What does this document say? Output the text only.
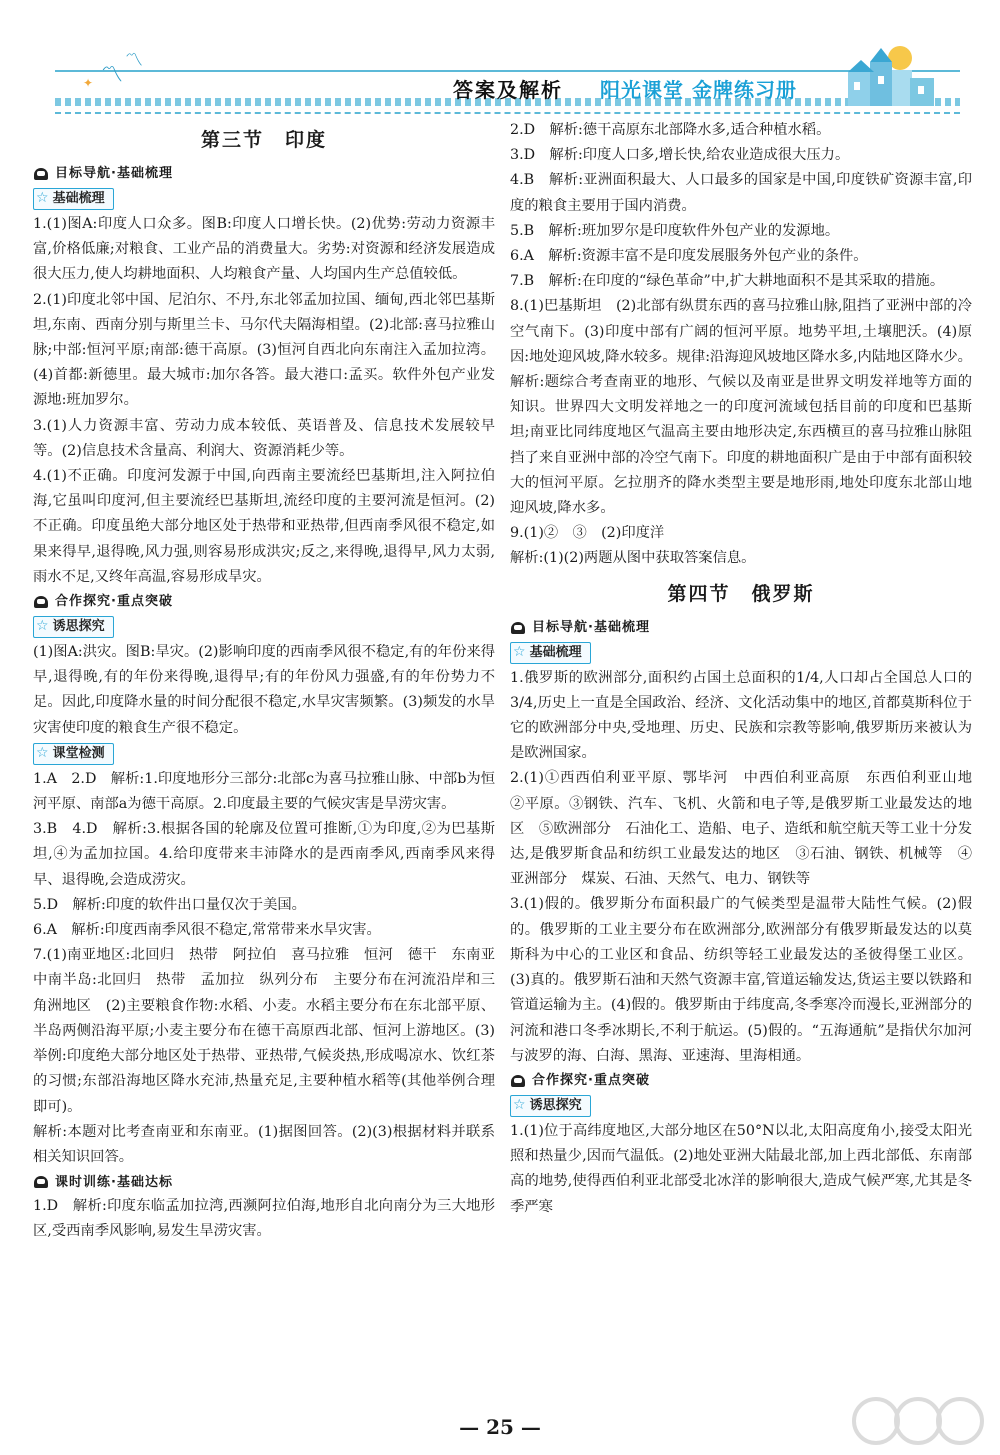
〽
〽
✦	答案及解析 阳光课堂 金牌练习册
第三节　印度
目标导航·基础梳理
☆ 基础梳理

1.(1)图A:印度人口众多。图B:印度人口增长快。(2)优势:劳动力资源丰富,价格低廉;对粮食、工业产品的消费量大。劣势:对资源和经济发展造成很大压力,使人均耕地面积、人均粮食产量、人均国内生产总值较低。

2.(1)印度北邻中国、尼泊尔、不丹,东北邻孟加拉国、缅甸,西北邻巴基斯坦,东南、西南分别与斯里兰卡、马尔代夫隔海相望。(2)北部:喜马拉雅山脉;中部:恒河平原;南部:德干高原。(3)恒河自西北向东南注入孟加拉湾。(4)首都:新德里。最大城市:加尔各答。最大港口:孟买。软件外包产业发源地:班加罗尔。

3.(1)人力资源丰富、劳动力成本较低、英语普及、信息技术发展较早等。(2)信息技术含量高、利润大、资源消耗少等。

4.(1)不正确。印度河发源于中国,向西南主要流经巴基斯坦,注入阿拉伯海,它虽叫印度河,但主要流经巴基斯坦,流经印度的主要河流是恒河。(2)不正确。印度虽绝大部分地区处于热带和亚热带,但西南季风很不稳定,如果来得早,退得晚,风力强,则容易形成洪灾;反之,来得晚,退得早,风力太弱,雨水不足,又终年高温,容易形成旱灾。

合作探究·重点突破
☆ 诱思探究

(1)图A:洪灾。图B:旱灾。(2)影响印度的西南季风很不稳定,有的年份来得早,退得晚,有的年份来得晚,退得早;有的年份风力强盛,有的年份势力不足。因此,印度降水量的时间分配很不稳定,水旱灾害频繁。(3)频发的水旱灾害使印度的粮食生产很不稳定。

☆ 课堂检测

1.A　2.D　解析:1.印度地形分三部分:北部c为喜马拉雅山脉、中部b为恒河平原、南部a为德干高原。2.印度最主要的气候灾害是旱涝灾害。

3.B　4.D　解析:3.根据各国的轮廓及位置可推断,①为印度,②为巴基斯坦,④为孟加拉国。4.给印度带来丰沛降水的是西南季风,西南季风来得早、退得晚,会造成涝灾。

5.D　解析:印度的软件出口量仅次于美国。

6.A　解析:印度西南季风很不稳定,常常带来水旱灾害。

7.(1)南亚地区:北回归　热带　阿拉伯　喜马拉雅　恒河　德干　东南亚中南半岛:北回归　热带　孟加拉　纵列分布　主要分布在河流沿岸和三角洲地区　(2)主要粮食作物:水稻、小麦。水稻主要分布在东北部平原、半岛两侧沿海平原;小麦主要分布在德干高原西北部、恒河上游地区。(3)举例:印度绝大部分地区处于热带、亚热带,气候炎热,形成喝凉水、饮红茶的习惯;东部沿海地区降水充沛,热量充足,主要种植水稻等(其他举例合理即可)。

解析:本题对比考查南亚和东南亚。(1)据图回答。(2)(3)根据材料并联系相关知识回答。

课时训练·基础达标

1.D　解析:印度东临孟加拉湾,西濒阿拉伯海,地形自北向南分为三大地形区,受西南季风影响,易发生旱涝灾害。

2.D　解析:德干高原东北部降水多,适合种植水稻。

3.D　解析:印度人口多,增长快,给农业造成很大压力。

4.B　解析:亚洲面积最大、人口最多的国家是中国,印度铁矿资源丰富,印度的粮食主要用于国内消费。

5.B　解析:班加罗尔是印度软件外包产业的发源地。

6.A　解析:资源丰富不是印度发展服务外包产业的条件。

7.B　解析:在印度的“绿色革命”中,扩大耕地面积不是其采取的措施。

8.(1)巴基斯坦　(2)北部有纵贯东西的喜马拉雅山脉,阻挡了亚洲中部的冷空气南下。(3)印度中部有广阔的恒河平原。地势平坦,土壤肥沃。(4)原因:地处迎风坡,降水较多。规律:沿海迎风坡地区降水多,内陆地区降水少。

解析:题综合考查南亚的地形、气候以及南亚是世界文明发祥地等方面的知识。世界四大文明发祥地之一的印度河流域包括目前的印度和巴基斯坦;南亚比同纬度地区气温高主要由地形决定,东西横亘的喜马拉雅山脉阻挡了来自亚洲中部的冷空气南下。印度的耕地面积广是由于中部有面积较大的恒河平原。乞拉朋齐的降水类型主要是地形雨,地处印度东北部山地迎风坡,降水多。

9.(1)②　③　(2)印度洋

解析:(1)(2)两题从图中获取答案信息。

第四节　俄罗斯
目标导航·基础梳理
☆ 基础梳理

1.俄罗斯的欧洲部分,面积约占国土总面积的1/4,人口却占全国总人口的3/4,历史上一直是全国政治、经济、文化活动集中的地区,首都莫斯科位于它的欧洲部分中央,受地理、历史、民族和宗教等影响,俄罗斯历来被认为是欧洲国家。

2.(1)①西西伯利亚平原、鄂毕河　中西伯利亚高原　东西伯利亚山地　②平原。③钢铁、汽车、飞机、火箭和电子等,是俄罗斯工业最发达的地区　⑤欧洲部分　石油化工、造船、电子、造纸和航空航天等工业十分发达,是俄罗斯食品和纺织工业最发达的地区　③石油、钢铁、机械等　④亚洲部分　煤炭、石油、天然气、电力、钢铁等

3.(1)假的。俄罗斯分布面积最广的气候类型是温带大陆性气候。(2)假的。俄罗斯的工业主要分布在欧洲部分,欧洲部分有俄罗斯最发达的以莫斯科为中心的工业区和食品、纺织等轻工业最发达的圣彼得堡工业区。(3)真的。俄罗斯石油和天然气资源丰富,管道运输发达,货运主要以铁路和管道运输为主。(4)假的。俄罗斯由于纬度高,冬季寒冷而漫长,亚洲部分的河流和港口冬季冰期长,不利于航运。(5)假的。“五海通航”是指伏尔加河与波罗的海、白海、黑海、亚速海、里海相通。

合作探究·重点突破
☆ 诱思探究

1.(1)位于高纬度地区,大部分地区在50°N以北,太阳高度角小,接受太阳光照和热量少,因而气温低。(2)地处亚洲大陆最北部,加上西北部低、东南部高的地势,使得西伯利亚北部受北冰洋的影响很大,造成气候严寒,尤其是冬季严寒

— 25 —
